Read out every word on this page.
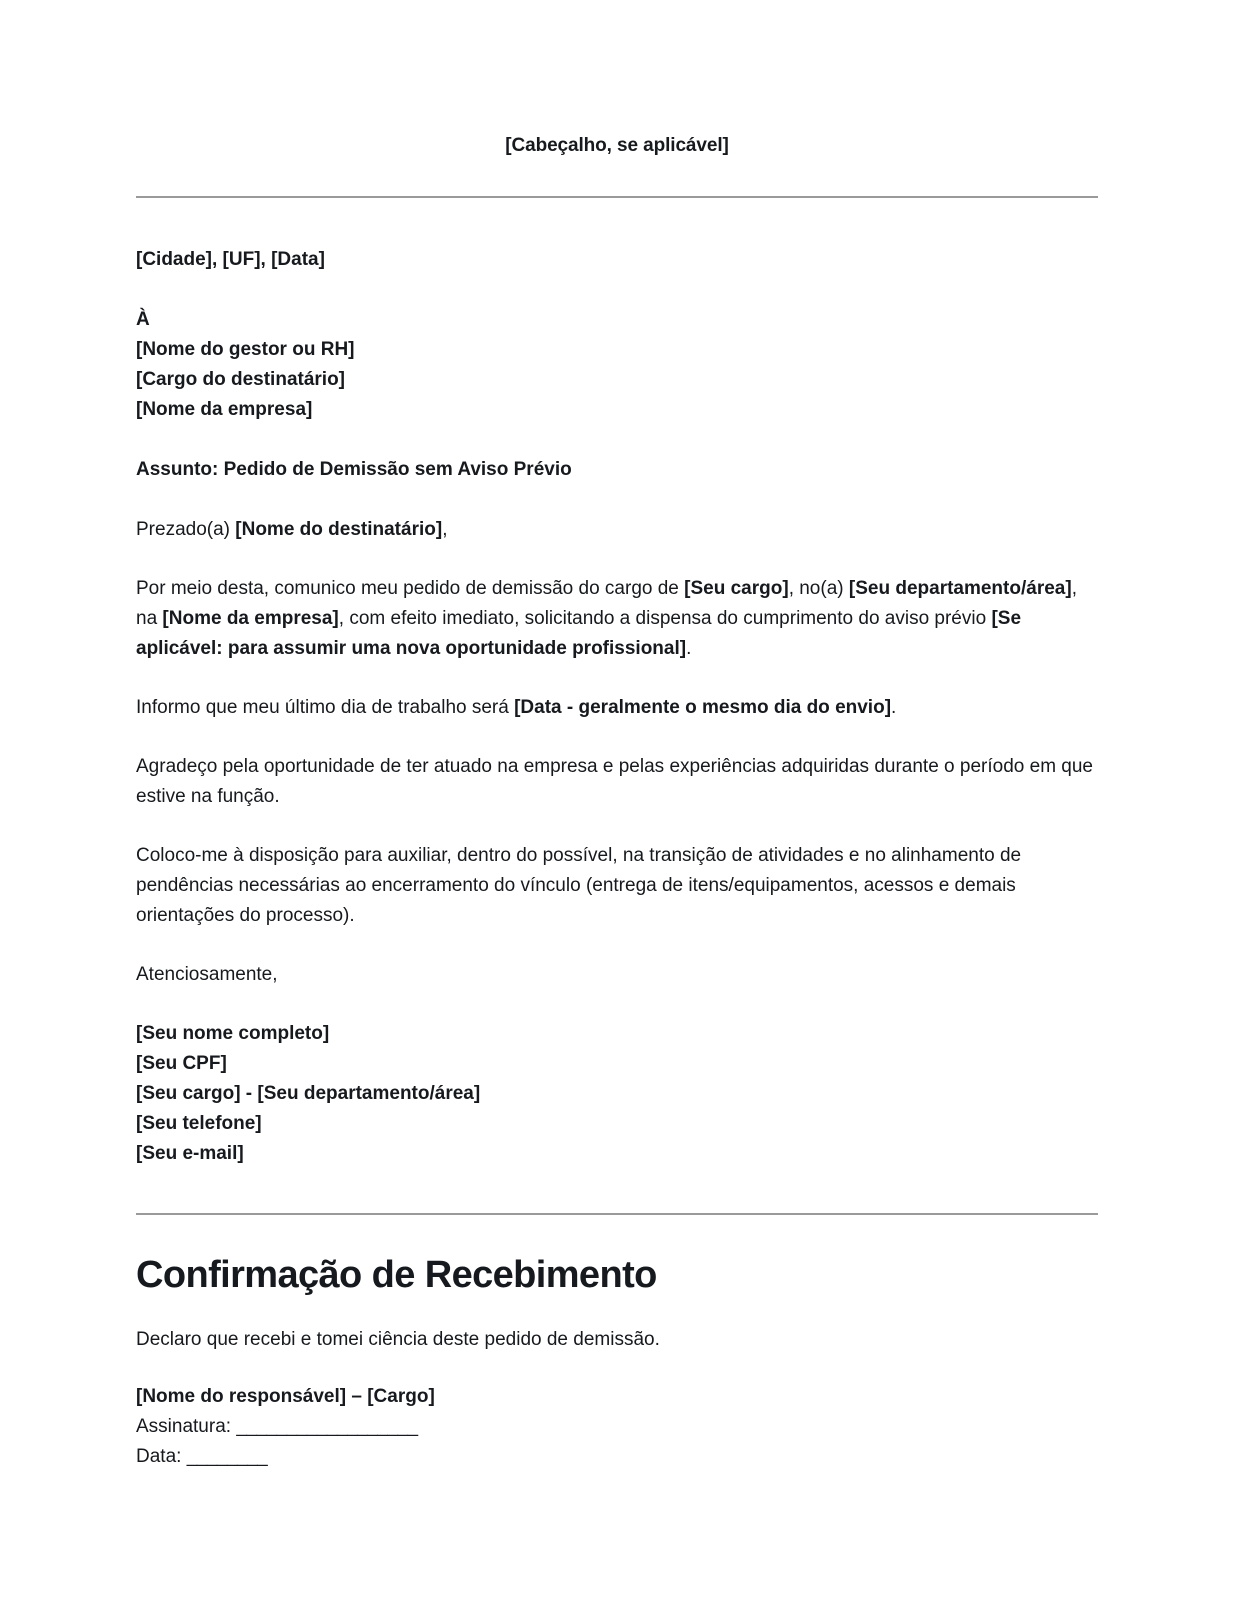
[Cabeçalho, se aplicável]
[Cidade], [UF], [Data]
À
[Nome do gestor ou RH]
[Cargo do destinatário]
[Nome da empresa]
Assunto: Pedido de Demissão sem Aviso Prévio
Prezado(a) [Nome do destinatário],
Por meio desta, comunico meu pedido de demissão do cargo de [Seu cargo], no(a) [Seu departamento/área], na [Nome da empresa], com efeito imediato, solicitando a dispensa do cumprimento do aviso prévio [Se aplicável: para assumir uma nova oportunidade profissional].
Informo que meu último dia de trabalho será [Data - geralmente o mesmo dia do envio].
Agradeço pela oportunidade de ter atuado na empresa e pelas experiências adquiridas durante o período em que estive na função.
Coloco-me à disposição para auxiliar, dentro do possível, na transição de atividades e no alinhamento de pendências necessárias ao encerramento do vínculo (entrega de itens/equipamentos, acessos e demais orientações do processo).
Atenciosamente,
[Seu nome completo]
[Seu CPF]
[Seu cargo] - [Seu departamento/área]
[Seu telefone]
[Seu e-mail]
Confirmação de Recebimento
Declaro que recebi e tomei ciência deste pedido de demissão.
[Nome do responsável] – [Cargo]
Assinatura: __________________
Data: ________
